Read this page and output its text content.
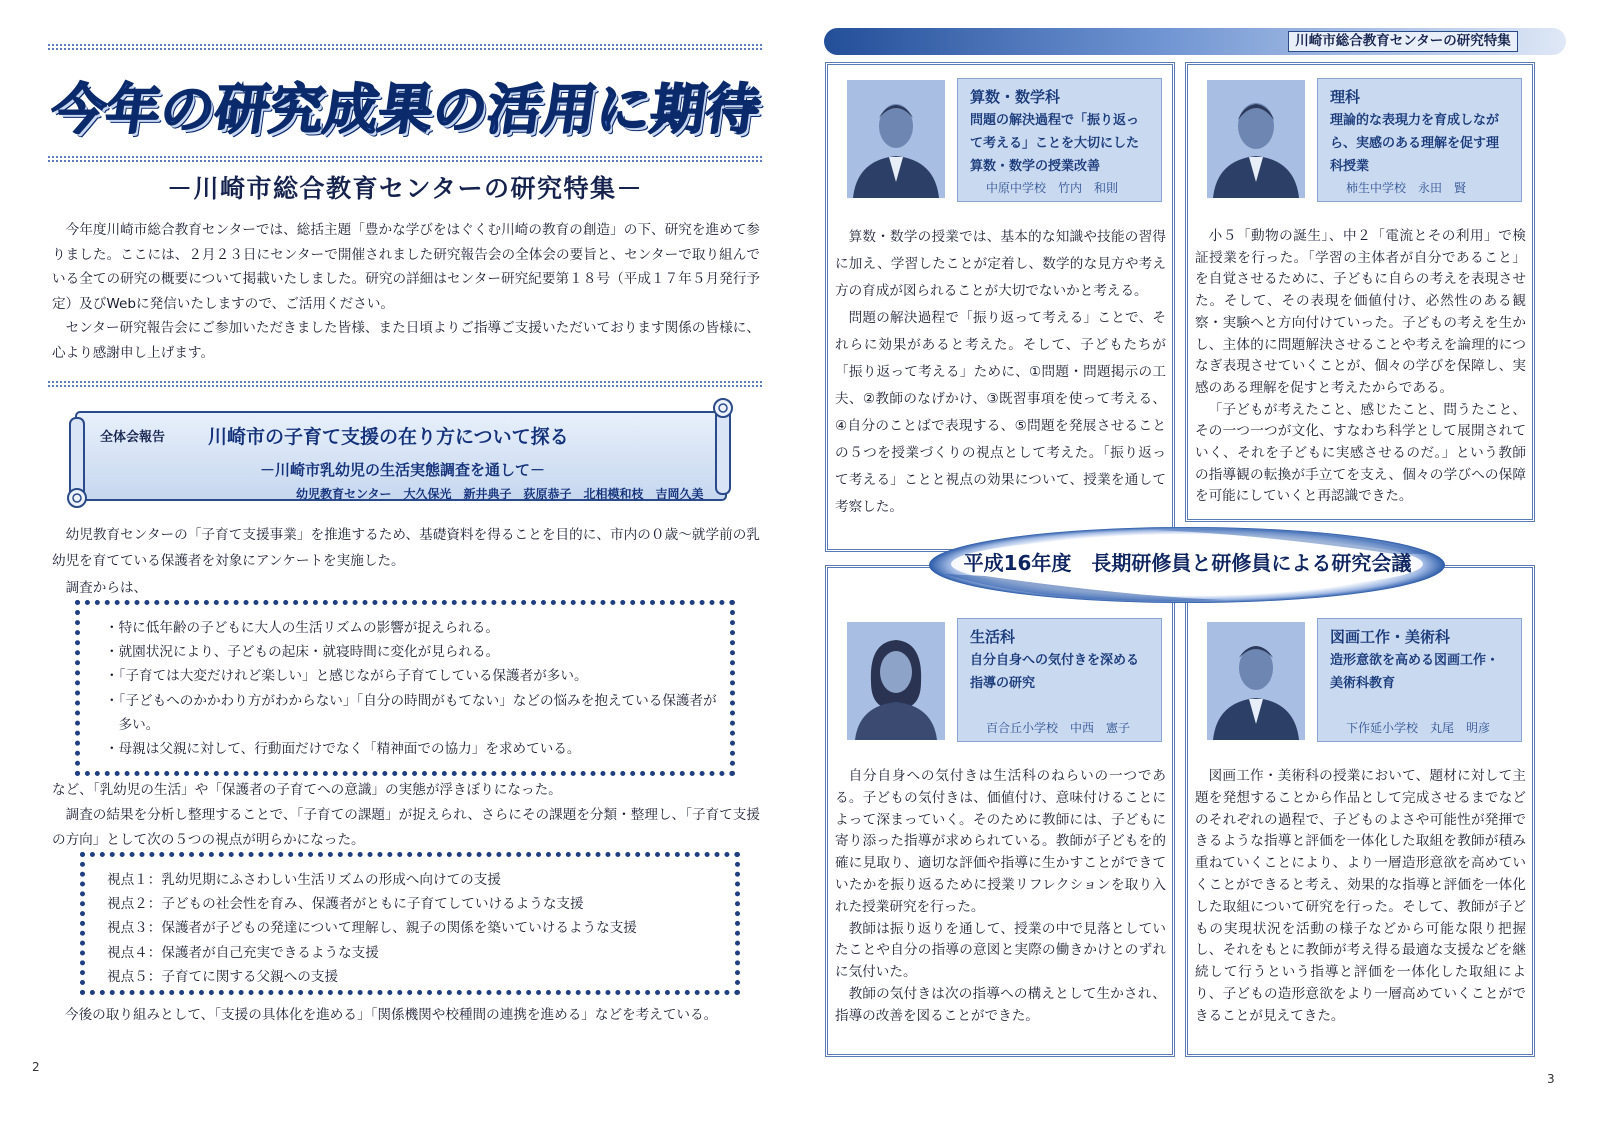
今年の研究成果の活用に期待
－川崎市総合教育センターの研究特集－

今年度川崎市総合教育センターでは、総括主題「豊かな学びをはぐくむ川崎の教育の創造」の下、研究を進めて参りました。ここには、２月２３日にセンターで開催されました研究報告会の全体会の要旨と、センターで取り組んでいる全ての研究の概要について掲載いたしました。研究の詳細はセンター研究紀要第１８号（平成１７年５月発行予定）及びWebに発信いたしますので、ご活用ください。

センター研究報告会にご参加いただきました皆様、また日頃よりご指導ご支援いただいております関係の皆様に、心より感謝申し上げます。

全体会報告 川崎市の子育て支援の在り方について探る
－川崎市乳幼児の生活実態調査を通して－
幼児教育センター　大久保光　新井典子　荻原恭子　北相模和枝　吉岡久美

幼児教育センターの「子育て支援事業」を推進するため、基礎資料を得ることを目的に、市内の０歳～就学前の乳幼児を育てている保護者を対象にアンケートを実施した。

調査からは、

・特に低年齢の子どもに大人の生活リズムの影響が捉えられる。
・就園状況により、子どもの起床・就寝時間に変化が見られる。
・「子育ては大変だけれど楽しい」と感じながら子育てしている保護者が多い。
・「子どもへのかかわり方がわからない」「自分の時間がもてない」などの悩みを抱えている保護者が多い。
・母親は父親に対して、行動面だけでなく「精神面での協力」を求めている。

など、「乳幼児の生活」や「保護者の子育てへの意識」の実態が浮きぼりになった。

調査の結果を分析し整理することで、「子育ての課題」が捉えられ、さらにその課題を分類・整理し、「子育て支援の方向」として次の５つの視点が明らかになった。

視点１：乳幼児期にふさわしい生活リズムの形成へ向けての支援
視点２：子どもの社会性を育み、保護者がともに子育てしていけるような支援
視点３：保護者が子どもの発達について理解し、親子の関係を築いていけるような支援
視点４：保護者が自己充実できるような支援
視点５：子育てに関する父親への支援
今後の取り組みとして、「支援の具体化を進める」「関係機関や校種間の連携を進める」などを考えている。
2
川崎市総合教育センターの研究特集
算数・数学科
問題の解決過程で「振り返って考える」ことを大切にした算数・数学の授業改善
中原中学校　竹内　和則

算数・数学の授業では、基本的な知識や技能の習得に加え、学習したことが定着し、数学的な見方や考え方の育成が図られることが大切でないかと考える。

問題の解決過程で「振り返って考える」ことで、それらに効果があると考えた。そして、子どもたちが「振り返って考える」ために、①問題・問題掲示の工夫、②教師のなげかけ、③既習事項を使って考える、④自分のことばで表現する、⑤問題を発展させることの５つを授業づくりの視点として考えた。「振り返って考える」ことと視点の効果について、授業を通して考察した。

理科
理論的な表現力を育成しながら、実感のある理解を促す理科授業
柿生中学校　永田　賢

小５「動物の誕生」、中２「電流とその利用」で検証授業を行った。「学習の主体者が自分であること」を自覚させるために、子どもに自らの考えを表現させた。そして、その表現を価値付け、必然性のある観察・実験へと方向付けていった。子どもの考えを生かし、主体的に問題解決させることや考えを論理的につなぎ表現させていくことが、個々の学びを保障し、実感のある理解を促すと考えたからである。

「子どもが考えたこと、感じたこと、問うたこと、その一つ一つが文化、すなわち科学として展開されていく、それを子どもに実感させるのだ。」という教師の指導観の転換が手立てを支え、個々の学びへの保障を可能にしていくと再認識できた。

生活科
自分自身への気付きを深める指導の研究
百合丘小学校　中西　憲子

自分自身への気付きは生活科のねらいの一つである。子どもの気付きは、価値付け、意味付けることによって深まっていく。そのために教師には、子どもに寄り添った指導が求められている。教師が子どもを的確に見取り、適切な評価や指導に生かすことができていたかを振り返るために授業リフレクションを取り入れた授業研究を行った。

教師は振り返りを通して、授業の中で見落としていたことや自分の指導の意図と実際の働きかけとのずれに気付いた。

教師の気付きは次の指導への構えとして生かされ、指導の改善を図ることができた。

図画工作・美術科
造形意欲を高める図画工作・美術科教育
下作延小学校　丸尾　明彦

図画工作・美術科の授業において、題材に対して主題を発想することから作品として完成させるまでなどのそれぞれの過程で、子どものよさや可能性が発揮できるような指導と評価を一体化した取組を教師が積み重ねていくことにより、より一層造形意欲を高めていくことができると考え、効果的な指導と評価を一体化した取組について研究を行った。そして、教師が子どもの実現状況を活動の様子などから可能な限り把握し、それをもとに教師が考え得る最適な支援などを継続して行うという指導と評価を一体化した取組により、子どもの造形意欲をより一層高めていくことができることが見えてきた。

平成16年度　長期研修員と研修員による研究会議
3
